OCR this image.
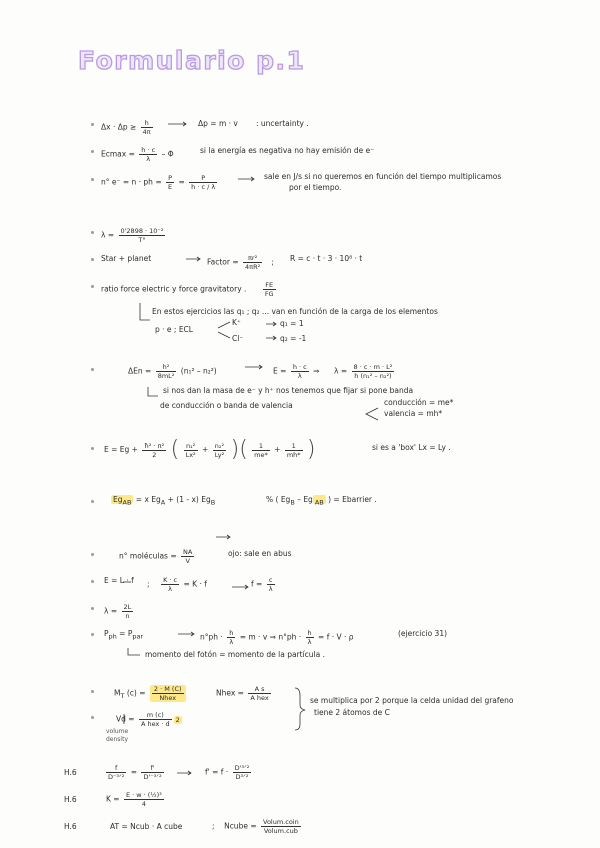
Formulario p.1
$\Delta x \cdot \Delta p \ge \frac{h}{4\pi}$	Δp = m · v : uncertainty .
$Ecmax = \frac{h \cdot c}{\lambda} - \Phi$	si la energía es negativa no hay emisión de e⁻
n° e⁻ = n · ph = $\frac{P}{E} = \frac{P}{h \cdot c / \lambda}$	sale en J/s si no queremos en función del tiempo multiplicamos
por el tiempo.
$\lambda = \frac{\text{0'2898 · 10⁻²}}{T^\circ}$
Star + planet	Factor = $\frac{\text{πr²}}{\text{4πR²}}$ ; R = c · t · 3 · 10⁸ · t
ratio force electric y force gravitatory .	$\frac{FE}{FG}$
En estos ejercicios las q₁ ; q₂ ... van en función de la carga de los elementos
p · e ; ECL
K⁺	q₁ = 1
Cl⁻	q₂ = -1
$\Delta En = \frac{\text{h²}}{\text{8mL²}} (n_1^2 - n_2^2)$	$E = \frac{h \cdot c}{\lambda}$ ⇒ $\lambda = \frac{\text{8 · c · m · L²}}{\text{h (n₁² – n₂²)}}$
si nos dan la masa de e⁻ y h⁺ nos tenemos que fijar si pone banda
de conducción o banda de valencia	conducción = me*
valencia = mh*
$E = Eg + \frac{\text{ħ² · π²}}{2}$ ( $\frac{\text{n₁²}}{\text{Lx²}} + \frac{\text{n₂²}}{\text{Ly²}}$ )( $\frac{1}{me*} + \frac{1}{mh*}$ )	si es a 'box' Lx = Ly .
$Eg_{AB} = x$ $Eg_A + (1 - x)$ $Eg_B$	% ( $Eg_B$ – Eg $_{AB}$ ) = Ebarrier .
n° moléculas = $\frac{NA}{V}$	ojo: sale en abus
E = L · f ; $\frac{K \cdot c}{\lambda} = K \cdot f$	$f = \frac{c}{\lambda}$
$\lambda = \frac{2L}{n}$
$P_{ph} = P_{par}$	$n^\circ ph \cdot \frac{h}{\lambda} = m \cdot v$ ⇒ $n^\circ ph \cdot \frac{h}{\lambda} = f \cdot V \cdot \rho$	(ejercicio 31)
momento del fotón = momento de la partícula .
$M_T$ $(c) = \frac{2 \cdot M (C)}{\text{Nhex}}$	Nhex = $\frac{\text{A s}}{\text{A hex}}$	se multiplica por 2 porque la celda unidad del grafeno
tiene 2 átomos de C
$Vd = \frac{m (c)}{\text{A hex · d}} 2$
volume density
H.6	$\frac{f}{\text{D⁻³ᐟ²}} = \frac{f'}{\text{D'⁻³ᐟ²}}$	$f' = f \cdot \frac{\text{D'³ᐟ²}}{\text{D³ᐟ²}}$
H.6	$K = \frac{\text{E · w · (½)³}}{4}$
H.6	AT = Ncub · A cube	;    Ncube = $\frac{\text{Volum.coin}}{\text{Volum.cub}}$
